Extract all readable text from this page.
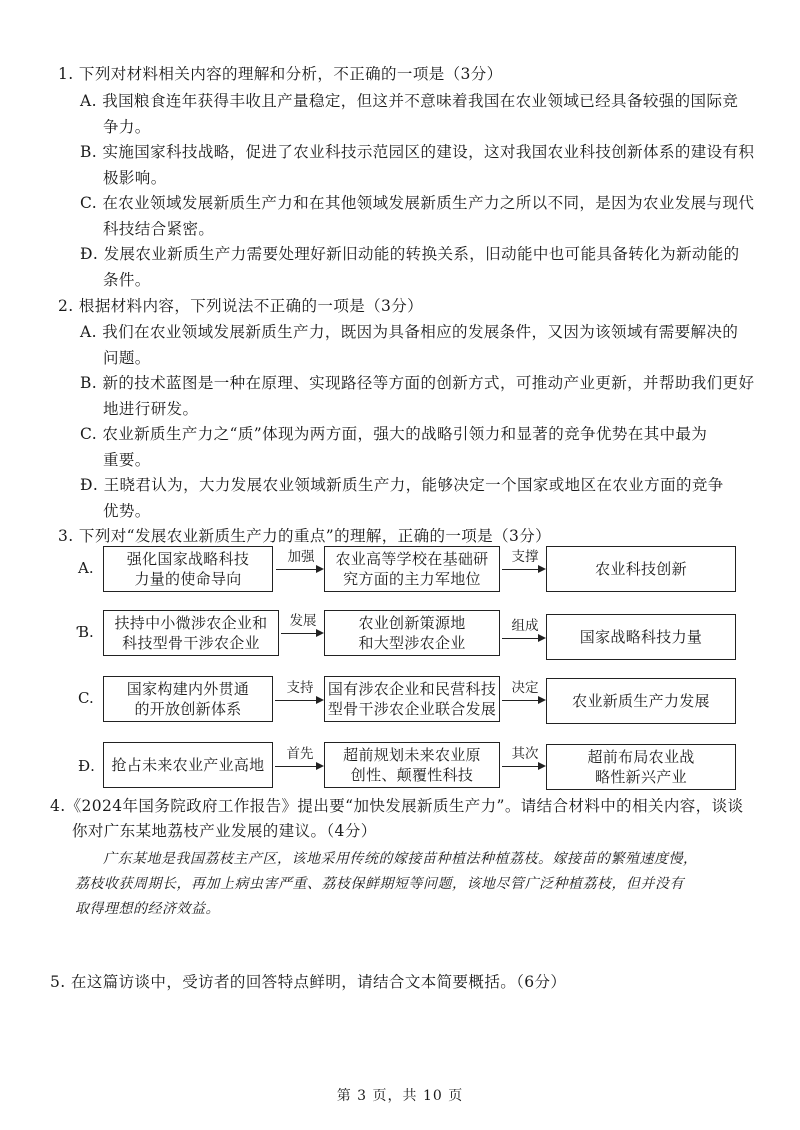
1. 下列对材料相关内容的理解和分析，不正确的一项是（3分）
A. 我国粮食连年获得丰收且产量稳定，但这并不意味着我国在农业领域已经具备较强的国际竞
争力。
B. 实施国家科技战略，促进了农业科技示范园区的建设，这对我国农业科技创新体系的建设有积
极影响。
C. 在农业领域发展新质生产力和在其他领域发展新质生产力之所以不同，是因为农业发展与现代
科技结合紧密。
Ɖ. 发展农业新质生产力需要处理好新旧动能的转换关系，旧动能中也可能具备转化为新动能的
条件。
2. 根据材料内容，下列说法不正确的一项是（3分）
A. 我们在农业领域发展新质生产力，既因为具备相应的发展条件，又因为该领域有需要解决的
问题。
B. 新的技术蓝图是一种在原理、实现路径等方面的创新方式，可推动产业更新，并帮助我们更好
地进行研发。
C. 农业新质生产力之“质”体现为两方面，强大的战略引领力和显著的竞争优势在其中最为
重要。
Ɖ. 王晓君认为，大力发展农业领域新质生产力，能够决定一个国家或地区在农业方面的竞争
优势。
3. 下列对“发展农业新质生产力的重点”的理解，正确的一项是（3分）
A. 强化国家战略科技
力量的使命导向
加强	农业高等学校在基础研
究方面的主力军地位
支撑
农业科技创新
Ɓ. 扶持中小微涉农企业和
科技型骨干涉农企业
发展	农业创新策源地
和大型涉农企业
组成
国家战略科技力量
C. 国家构建内外贯通
的开放创新体系
支持 国有涉农企业和民营科技
型骨干涉农企业联合发展
决定
农业新质生产力发展
Ɖ. 抢占未来农业产业高地
首先	超前规划未来农业原
创性、颠覆性科技
其次	超前布局农业战
略性新兴产业
4.《2024年国务院政府工作报告》提出要“加快发展新质生产力”。请结合材料中的相关内容，谈谈
你对广东某地荔枝产业发展的建议。（4分）
广东某地是我国荔枝主产区，该地采用传统的嫁接苗种植法种植荔枝。嫁接苗的繁殖速度慢，
荔枝收获周期长，再加上病虫害严重、荔枝保鲜期短等问题，该地尽管广泛种植荔枝，但并没有
取得理想的经济效益。
5. 在这篇访谈中，受访者的回答特点鲜明，请结合文本简要概括。（6分）
第 3 页，共 10 页
